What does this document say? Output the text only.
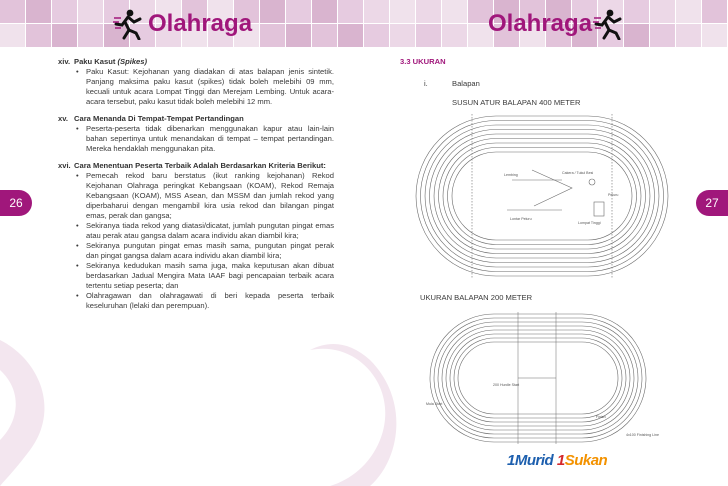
Olahraga	Olahraga
26	27
xiv. Paku Kasut (Spikes)
• Paku Kasut: Kejohanan yang diadakan di atas balapan jenis sintetik. Panjang maksima paku kasut (spikes) tidak boleh melebihi 09 mm, kecuali untuk acara Lompat Tinggi dan Merejam Lembing. Untuk acara-acara tersebut, paku kasut tidak boleh melebihi 12 mm.
xv. Cara Menanda Di Tempat-Tempat Pertandingan
• Peserta-peserta tidak dibenarkan menggunakan kapur atau lain-lain bahan sepertinya untuk menandakan di tempat – tempat pertandingan. Mereka hendaklah menggunakan pita.
xvi. Cara Menentuan Peserta Terbaik Adalah Berdasarkan Kriteria Berikut:
• Pemecah rekod baru berstatus (ikut ranking kejohanan) Rekod Kejohanan Olahraga peringkat Kebangsaan (KOAM), Rekod Remaja Kebangsaan (KOAM), MSS Asean, dan MSSM dan jumlah rekod yang diperbaharui dengan mengambil kira usia rekod dan bilangan pingat emas, perak dan gangsa;
• Sekiranya tiada rekod yang diatasi/dicatat, jumlah pungutan pingat emas atau perak atau gangsa dalam acara individu akan diambil kira;
• Sekiranya pungutan pingat emas masih sama, pungutan pingat perak dan pingat gangsa dalam acara individu akan diambil kira;
• Sekiranya kedudukan masih sama juga, maka keputusan akan dibuat berdasarkan Jadual Mengira Mata IAAF bagi pencapaian terbaik acara tertentu setiap peserta; dan
• Olahragawan dan olahragawati di beri kepada peserta terbaik keseluruhan (lelaki dan perempuan).
3.3 UKURAN
i.	Balapan
SUSUN ATUR BALAPAN 400 METER
Lembing	Cakera / Tukul Besi
Peluru
Lompat Tinggi
Lontar Peluru
UKURAN BALAPAN 200 METER
Mula Start
200 Hurdle Start
Finish
4x100 Finishing Line
1Murid 1Sukan
